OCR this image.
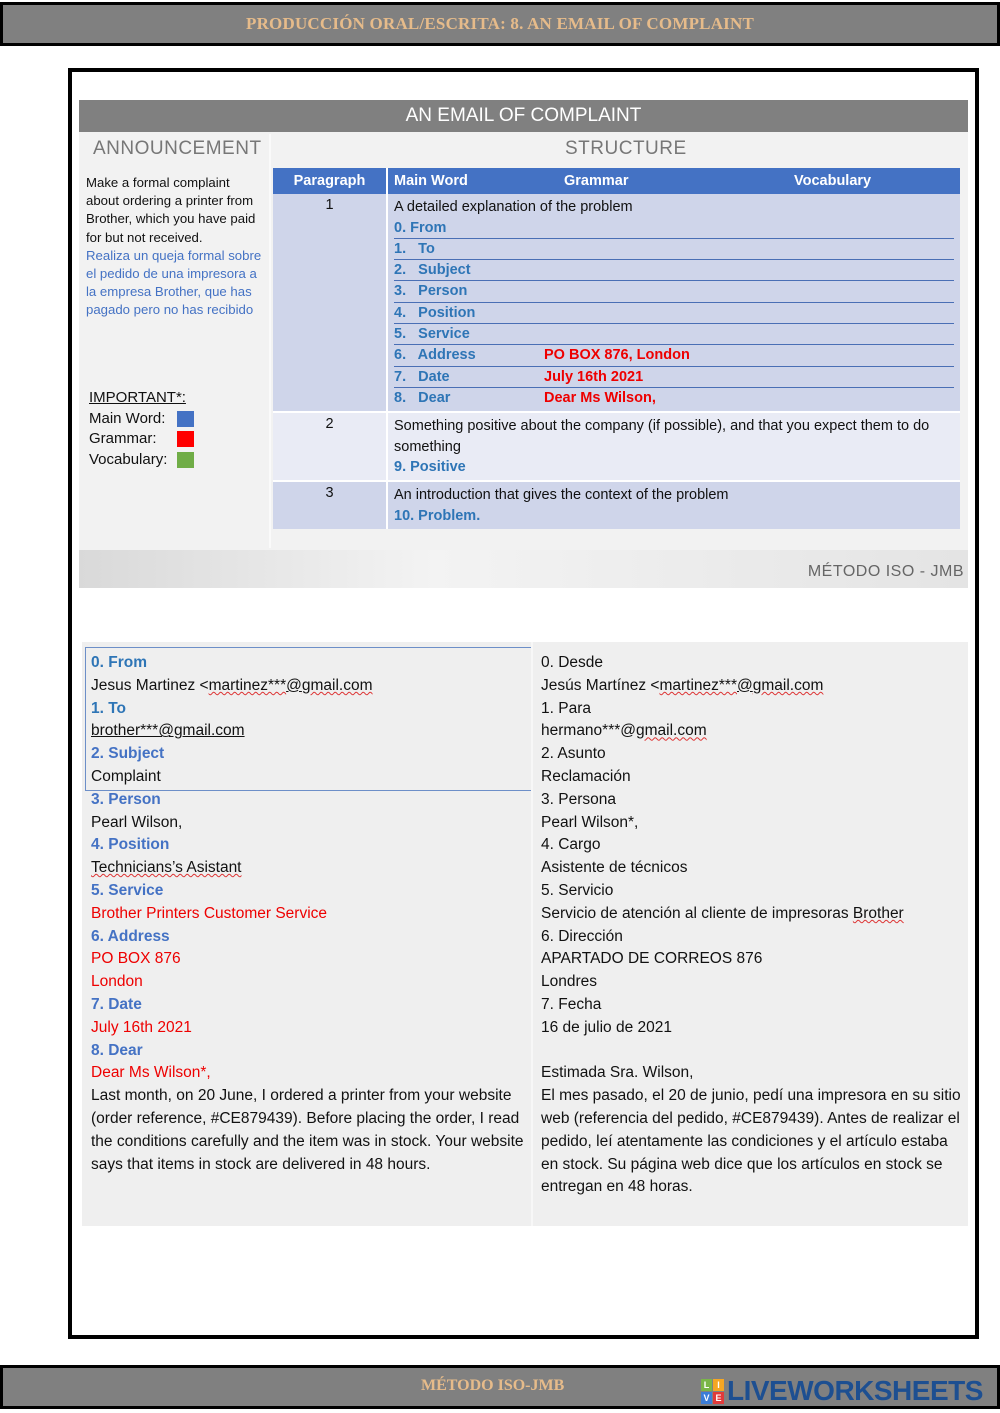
PRODUCCIÓN ORAL/ESCRITA: 8. AN EMAIL OF COMPLAINT
AN EMAIL OF COMPLAINT
ANNOUNCEMENT	STRUCTURE
Make a formal complaint about ordering a printer from Brother, which you have paid for but not received.
Realiza un queja formal sobre el pedido de una impresora a la empresa Brother, que has pagado pero no has recibido
IMPORTANT*:
Main Word:
Grammar:
Vocabulary:
Paragraph	Main Word Grammar Vocabulary
1	A detailed explanation of the problem
0. From
1.   To
2.   Subject
3.   Person
4.   Position
5.   Service
6.   Address	PO BOX 876, London
7.   Date	July 16th 2021
8.   Dear	Dear Ms Wilson,

2	Something positive about the company (if possible), and that you expect them to do something
9. Positive

3	An introduction that gives the context of the problem
10. Problem.
MÉTODO ISO - JMB
0. From
Jesus Martinez <martinez***@gmail.com
1. To
brother***@gmail.com
2. Subject
Complaint
3. Person
Pearl Wilson,
4. Position
Technicians’s Asistant
5. Service
Brother Printers Customer Service
6. Address
PO BOX 876
London
7. Date
July 16th 2021
8. Dear
Dear Ms Wilson*,
Last month, on 20 June, I ordered a printer from your website (order reference, #CE879439). Before placing the order, I read the conditions carefully and the item was in stock. Your website says that items in stock are delivered in 48 hours.
0. Desde
Jesús Martínez <martinez***@gmail.com
1. Para
hermano***@gmail.com
2. Asunto
Reclamación
3. Persona
Pearl Wilson*,
4. Cargo
Asistente de técnicos
5. Servicio
Servicio de atención al cliente de impresoras Brother
6. Dirección
APARTADO DE CORREOS 876
Londres
7. Fecha
16 de julio de 2021
Estimada Sra. Wilson,
El mes pasado, el 20 de junio, pedí una impresora en su sitio web (referencia del pedido, #CE879439). Antes de realizar el pedido, leí atentamente las condiciones y el artículo estaba en stock. Su página web dice que los artículos en stock se entregan en 48 horas.
MÉTODO ISO-JMB	L I
V E LIVEWORKSHEETS
